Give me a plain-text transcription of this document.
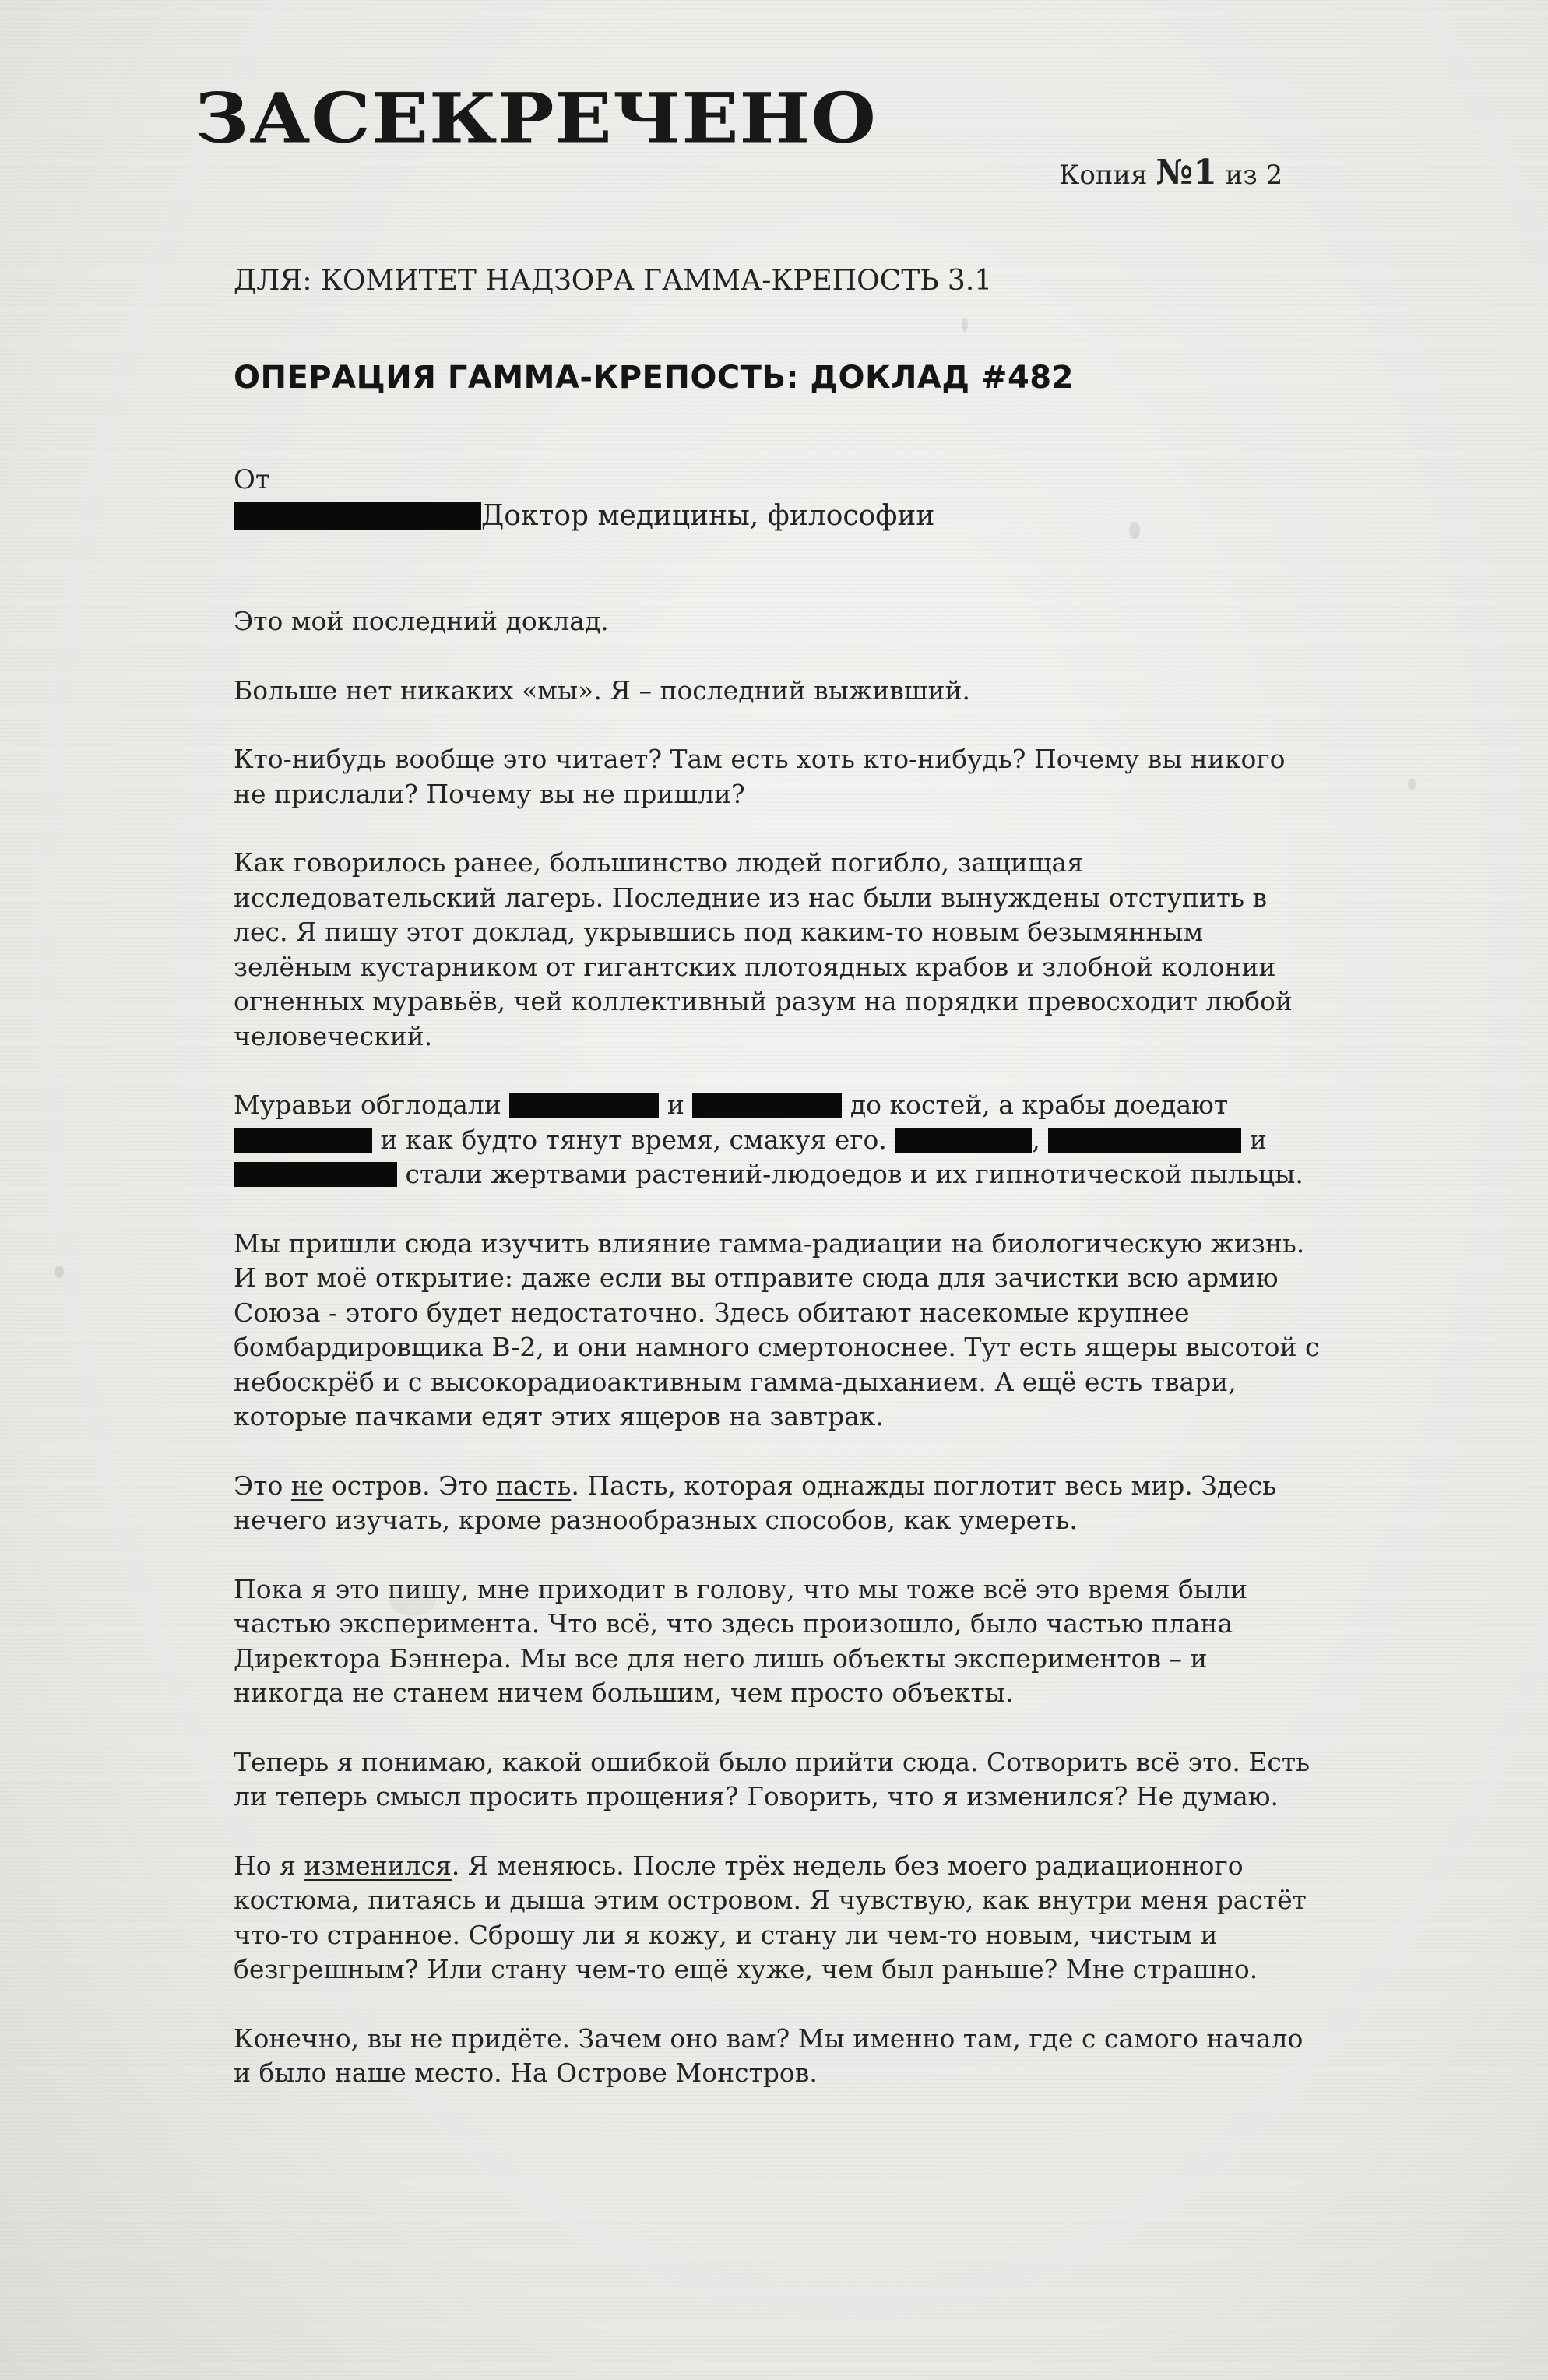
ЗАСЕКРЕЧЕНО
Копия №1 из 2
ДЛЯ: КОМИТЕТ НАДЗОРА ГАММА-КРЕПОСТЬ 3.1
ОПЕРАЦИЯ ГАММА-КРЕПОСТЬ: ДОКЛАД #482
От
Доктор медицины, философии

Это мой последний доклад.

Больше нет никаких «мы». Я – последний выживший.

Кто-нибудь вообще это читает? Там есть хоть кто-нибудь? Почему вы никого не прислали? Почему вы не пришли?

Как говорилось ранее, большинство людей погибло, защищая исследовательский лагерь. Последние из нас были вынуждены отступить в лес. Я пишу этот доклад, укрывшись под каким-то новым безымянным зелёным кустарником от гигантских плотоядных крабов и злобной колонии огненных муравьёв, чей коллективный разум на порядки превосходит любой человеческий.

Муравьи обглодали	и	до костей, а крабы доедают  и как будто тянут время, смакуя его.	,	и  стали жертвами растений-людоедов и их гипнотической пыльцы.

Мы пришли сюда изучить влияние гамма-радиации на биологическую жизнь. И вот моё открытие: даже если вы отправите сюда для зачистки всю армию Союза - этого будет недостаточно. Здесь обитают насекомые крупнее бомбардировщика B-2, и они намного смертоноснее. Тут есть ящеры высотой с небоскрёб и с высокорадиоактивным гамма-дыханием. А ещё есть твари, которые пачками едят этих ящеров на завтрак.

Это не остров. Это пасть. Пасть, которая однажды поглотит весь мир. Здесь нечего изучать, кроме разнообразных способов, как умереть.

Пока я это пишу, мне приходит в голову, что мы тоже всё это время были частью эксперимента. Что всё, что здесь произошло, было частью плана Директора Бэннера. Мы все для него лишь объекты экспериментов – и никогда не станем ничем большим, чем просто объекты.

Теперь я понимаю, какой ошибкой было прийти сюда. Сотворить всё это. Есть ли теперь смысл просить прощения? Говорить, что я изменился? Не думаю.

Но я изменился. Я меняюсь. После трёх недель без моего радиационного костюма, питаясь и дыша этим островом. Я чувствую, как внутри меня растёт что-то странное. Сброшу ли я кожу, и стану ли чем-то новым, чистым и безгрешным? Или стану чем-то ещё хуже, чем был раньше? Мне страшно.

Конечно, вы не придёте. Зачем оно вам? Мы именно там, где с самого начало и было наше место. На Острове Монстров.
